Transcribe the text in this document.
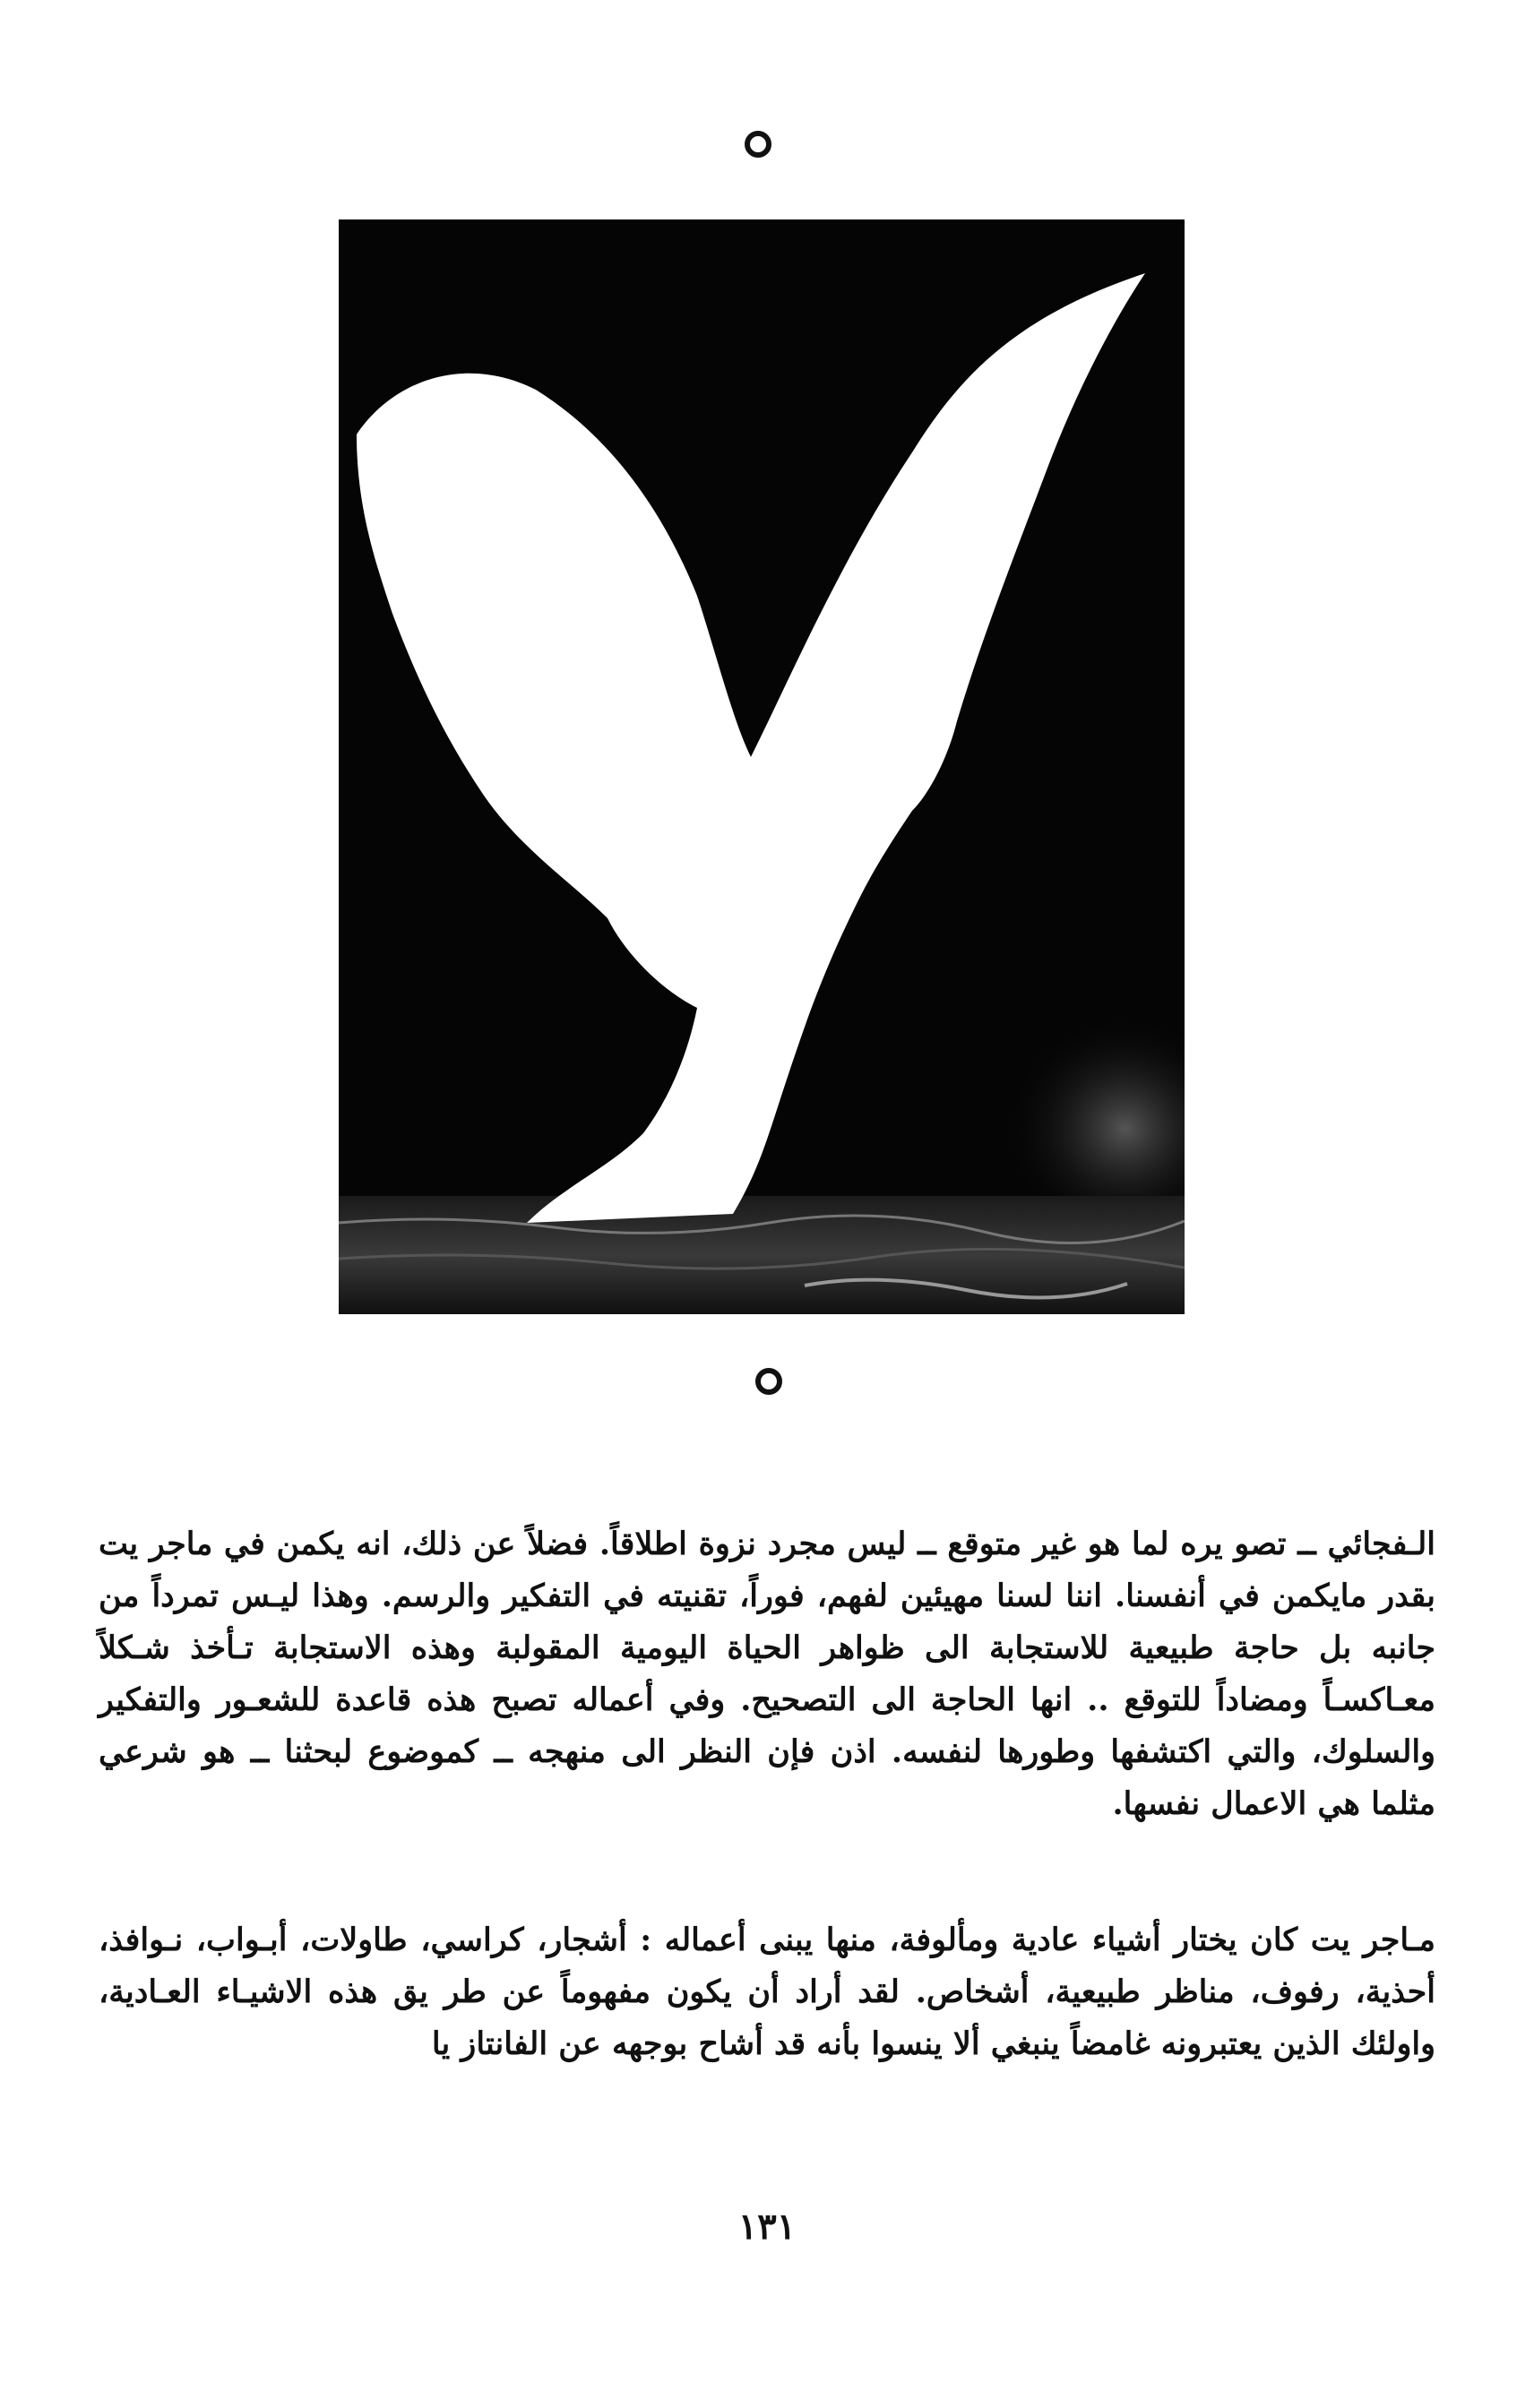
الـفجائي ــ تصو يره لما هو غير متوقع ــ ليس مجرد نزوة اطلاقاً. فضلاً عن ذلك، انه يكمن في ماجر يت بقدر مايكمن في أنفسنا. اننا لسنا مهيئين لفهم، فوراً، تقنيته في التفكير والرسم. وهذا ليـس تمرداً من جانبه بل حاجة طبيعية للاستجابة الى ظواهر الحياة اليومية المقولبة وهذه الاستجابة تـأخذ شـكلاً معـاكسـاً ومضاداً للتوقع .. انها الحاجة الى التصحيح. وفي أعماله تصبح هذه قاعدة للشعـور والتفكير والسلوك، والتي اكتشفها وطورها لنفسه. اذن فإن النظر الى منهجه ــ كموضوع لبحثنا ــ هو شرعي مثلما هي الاعمال نفسها.

مـاجر يت كان يختار أشياء عادية ومألوفة، منها يبنى أعماله : أشجار، كراسي، طاولات، أبـواب، نـوافذ، أحذية، رفوف، مناظر طبيعية، أشخاص. لقد أراد أن يكون مفهوماً عن طر يق هذه الاشيـاء العـادية، واولئك الذين يعتبرونه غامضاً ينبغي ألا ينسوا بأنه قد أشاح بوجهه عن الفانتاز يا

١٣١
